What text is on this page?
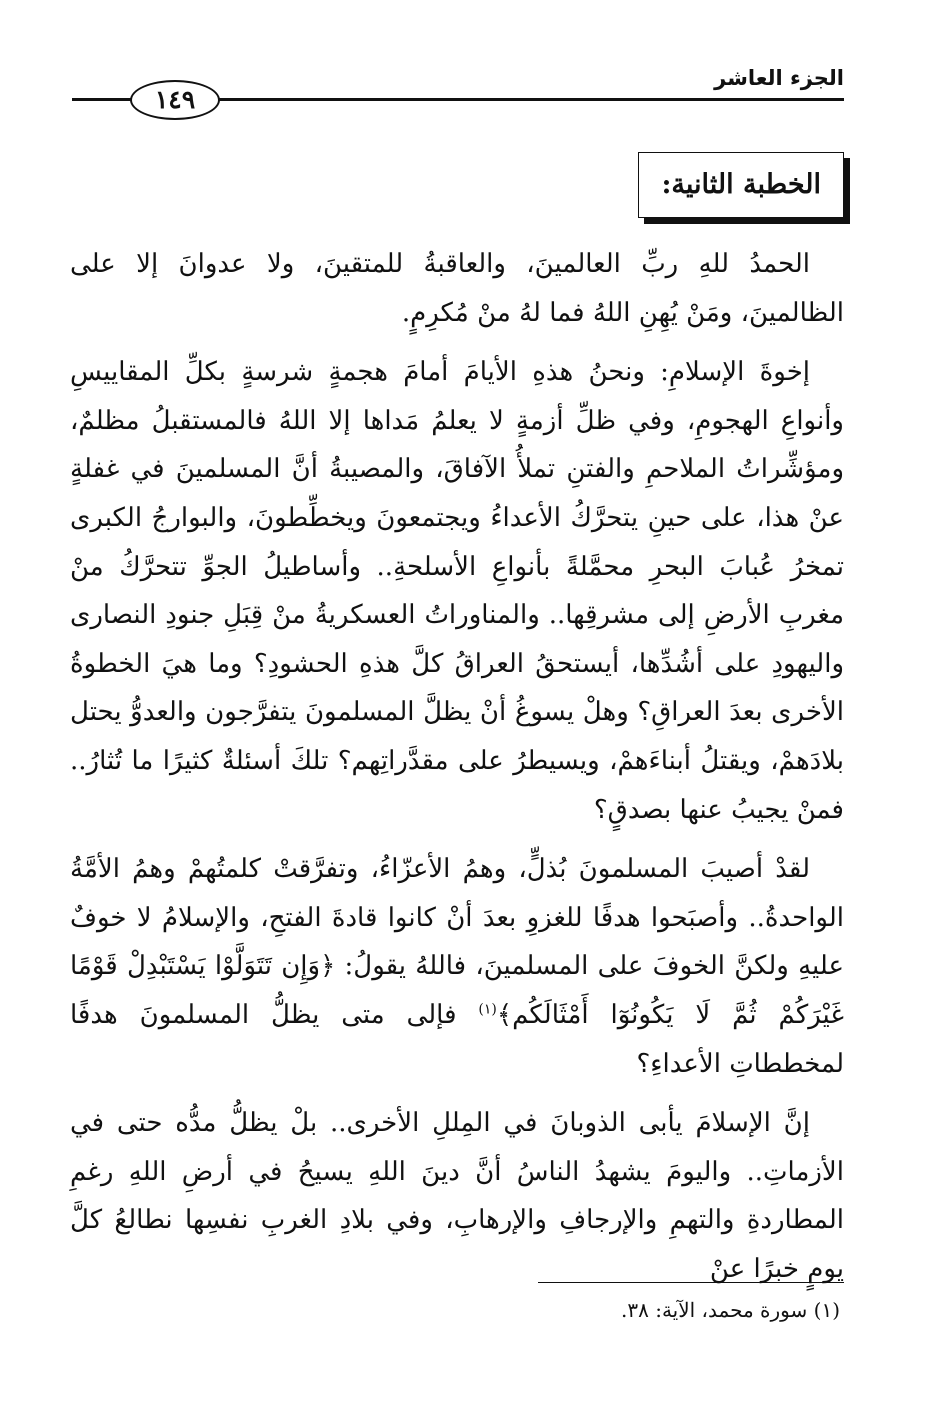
الجزء العاشر
١٤٩
الخطبة الثانية:

الحمدُ للهِ ربِّ العالمينَ، والعاقبةُ للمتقينَ، ولا عدوانَ إلا على الظالمينَ، ومَنْ يُهِنِ اللهُ فما لهُ منْ مُكرِمٍ.

إخوةَ الإسلامِ: ونحنُ هذهِ الأيامَ أمامَ هجمةٍ شرسةٍ بكلِّ المقاييسِ وأنواعِ الهجومِ، وفي ظلِّ أزمةٍ لا يعلمُ مَداها إلا اللهُ فالمستقبلُ مظلمٌ، ومؤشِّراتُ الملاحمِ والفتنِ تملأُ الآفاقَ، والمصيبةُ أنَّ المسلمينَ في غفلةٍ عنْ هذا، على حينِ يتحرَّكُ الأعداءُ ويجتمعونَ ويخطِّطونَ، والبوارجُ الكبرى تمخرُ عُبابَ البحرِ محمَّلةً بأنواعِ الأسلحةِ.. وأساطيلُ الجوِّ تتحرَّكُ منْ مغربِ الأرضِ إلى مشرقِها.. والمناوراتُ العسكريةُ منْ قِبَلِ جنودِ النصارى واليهودِ على أشُدِّها، أيستحقُ العراقُ كلَّ هذهِ الحشودِ؟ وما هيَ الخطوةُ الأخرى بعدَ العراقِ؟ وهلْ يسوغُ أنْ يظلَّ المسلمونَ يتفرَّجون والعدوُّ يحتل بلادَهمْ، ويقتلُ أبناءَهمْ، ويسيطرُ على مقدَّراتِهم؟ تلكَ أسئلةٌ كثيرًا ما تُثارُ.. فمنْ يجيبُ عنها بصدقٍ؟

لقدْ أصيبَ المسلمونَ بُذلٍّ، وهمُ الأعزّاءُ، وتفرَّقتْ كلمتُهمْ وهمُ الأمَّةُ الواحدةُ.. وأصبَحوا هدفًا للغزوِ بعدَ أنْ كانوا قادةَ الفتحِ، والإسلامُ لا خوفٌ عليهِ ولكنَّ الخوفَ على المسلمينَ، فاللهُ يقولُ: ﴿وَإِن تَتَوَلَّوْا يَسْتَبْدِلْ قَوْمًا غَيْرَكُمْ ثُمَّ لَا يَكُونُوٓا أَمْثَالَكُم﴾$^{(١)}$ فإلى متى يظلُّ المسلمونَ هدفًا لمخططاتِ الأعداءِ؟

إنَّ الإسلامَ يأبى الذوبانَ في المِللِ الأخرى.. بلْ يظلُّ مدُّه حتى في الأزماتِ.. واليومَ يشهدُ الناسُ أنَّ دينَ اللهِ يسيحُ في أرضِ اللهِ رغمِ المطاردةِ والتهمِ والإرجافِ والإرهابِ، وفي بلادِ الغربِ نفسِها نطالعُ كلَّ يومٍ خبرًا عنْ

(١) سورة محمد، الآية: ٣٨.
